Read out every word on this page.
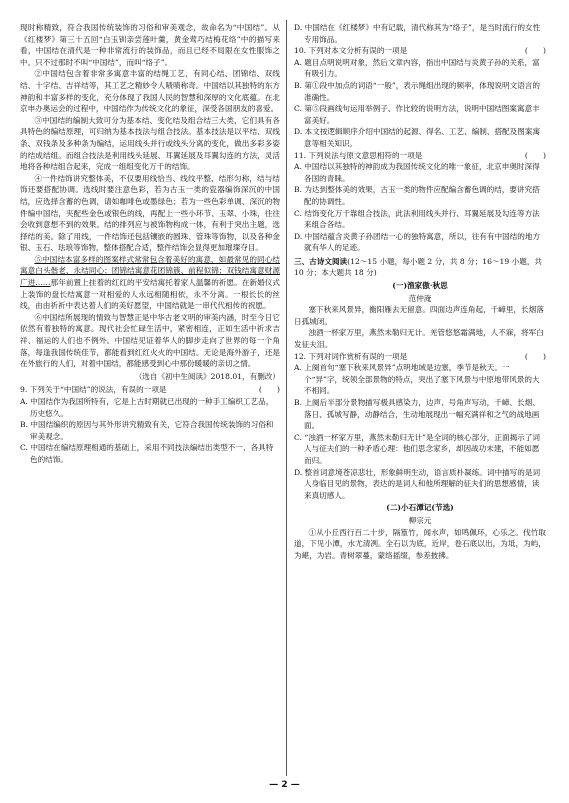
现时称精致，符合我国传统装饰的习俗和审美观念，故命名为“中国结”。从《红楼梦》第三十五回“白玉钏亲尝莲叶羹，黄金莺巧结梅花络”中的描写来看，中国结在清代是一种非常流行的装饰品，而且已经不局限在女性服饰之中。只不过那时不叫“中国结”，而叫“络子”。

②中国结包含着非常多寓意丰富的结绳工艺，有同心结、团锦结、双线结、十字结、吉祥结等，其工艺之精妙令人啧啧称奇。中国结以其独特的东方神韵和丰富多样的变化，充分体现了我国人民的智慧和深厚的文化底蕴。在北京申办奥运会的过程中，中国结作为传统文化的象征，深受各国朋友的喜爱。

③中国结的编制大致可分为基本结、变化结及组合结三大类，它们具有各具特色的编结原理，可归纳为基本技法与组合技法。基本技法是以平结、双线条、双钱条及多种条为编结，运用线头并行或线头分离的变化，做出多彩多姿的结成结组。而组合技法是利用线头延展、耳翼延展及耳翼勾连的方法，灵活地将各种结组合起来，完成一组组变化万千的结饰。

④一件结饰讲究整体美，不仅要用线恰当、线纹平整、结形匀称，结与结饰还要搭配协调。选线时要注意色彩，若为古玉一类的瓷器编饰深沉的中国结，应选择含蓄的色调，请如咖啡色或墨绿色；若为一些色彩单调、深沉的物件编中国结，夹配些金色或银色的线，再配上一些小环节、玉翠、小珠，往往会收到意想不到的效果。结的排列应与被饰物构成一体，有利于突出主题，选择结的美。除了用线，一件结饰还包括镶嵌的圆珠、管珠等饰物，以及各种金银、玉石、珐琅等饰物，整体搭配合适，整件结饰会显得更加璀璨夺目。

⑤中国结本富多样的图案样式常常包含着美好的寓意，如最常见的同心结寓意白头偕老、永结同心；团锦结寓意花团锦簇、前程似锦；双钱结寓意财源广进……那年前置上挂着的红红的平安结寓托着家人温馨的祈愿。在新婚仪式上装饰的盘长结寓意一对相爱的人永远相随相依，永不分离。一根长长的丝线，由由祈祈中表达着人们的美好愿望，中国结就是一串代代相传的祝愿。

⑥中国结所展现的情致与智慧正是中华古老文明的审美内涵，时至今日它依然有着独特的寓意。现代社会忙碌生活中，紧密相连，正如生活中祈求吉祥、福运的人们也不例外。中国结见证着华人的脚步走向了世界的每一个角落，每逢我国传统佳节，都能看到红红火火的中国结。无论是海外游子，还是在外旅行的人们，对着中国结，都能感受到心中那份暖暖的亲切之情。

（选自《初中生阅读》2018.01，有删改）

9. 下列关于“中国结”的说法，有误的一项是	(　　)

A. 中国结作为我国所特有，它是上古时期就已出现的一种手工编织工艺品，历史悠久。

B. 中国结编织的原因与其外形讲究精致有关，它符合我国传统装饰的习俗和审美观念。

C. 中国结在编结原理相通的基础上，采用不同技法编结出类型不一、各具特色的结饰。

D. 中国结在《红楼梦》中有记载，清代称其为“络子”，是当时流行的女性专用饰品。

10. 下列对本文分析有误的一项是	(　　)

A. 题目点明说明对象，然后文章内容，指出中国结与炎黄子孙的关系，富有吸引力。

B. 第①段中加点的词语“一般”，表示绳组出现的频率，体现说明文语言的准确性。

C. 第⑤段画线句运用举例子、作比较的说明方法，说明中国结图案寓意丰富美好。

D. 本文按逻辑顺序介绍中国结的起源、得名、工艺、编制、搭配及图案寓意等相关知识。

11. 下列说法与原文意思相符的一项是	(　　)

A. 中国结以其独特的神韵成为我国传统文化的唯一象征，北京申奥时深得各国的青睐。

B. 为达到整体美的效果，古玉一类的物件应配编含蓄色调的结，要讲究搭配的协调性。

C. 结饰变化万千靠组合技法，此法利用线头并行、耳翼延展及勾连等方法来组合各结。

D. 中国结蕴含炎黄子孙团结一心的独特寓意，所以，往有有中国结的地方就有华人的足迹。

三、古诗文阅读(12～15 小题，每小题 2 分，共 8 分；16～19 小题，共 10 分；本大题共 18 分)

(一)渔家傲·秋思

范仲淹

塞下秋来风景异，衡阳雁去无留意。四面边声连角起，千嶂里，长烟落日孤城闭。

浊酒一杯家万里，燕然未勒归无计。羌管悠悠霜满地，人不寐，将军白发征夫泪。

12. 下列对词作赏析有误的一项是	(　　)

A. 上阕首句“塞下秋来风景异”点明地域是边塞，季节是秋天。一个“异”字，统领全部景物的特点，突出了塞下风景与中原地带风景的大不相同。

B. 上阕后半部分景物描写极具感染力，边声、号角声写动，千嶂、长烟、落日、孤城写静，动静结合，生动地展现出一幅充满祥和之气的战地画面。

C. “浊酒一杯家万里，燕然未勒归无计”是全词的核心部分，正面揭示了词人与征夫们的一种矛盾心理：他们思念家乡，却因战功未建，不能如愿而归。

D. 整首词意境苍凉悲壮，形象鲜明生动，语言质朴凝练。词中描写的是词人身临目见的景物，表达的是词人和他所理解的征夫们的思想感情，读来真切感人。

(二)小石潭记(节选)

柳宗元

①从小丘西行百二十步，隔篁竹，闻水声，如鸣佩环，心乐之。伐竹取道，下见小潭，水尤清冽。全石以为底，近岸，卷石底以出，为坻，为屿，为嵁，为岩。青树翠蔓，蒙络摇缀，参差披拂。

— 2 —
